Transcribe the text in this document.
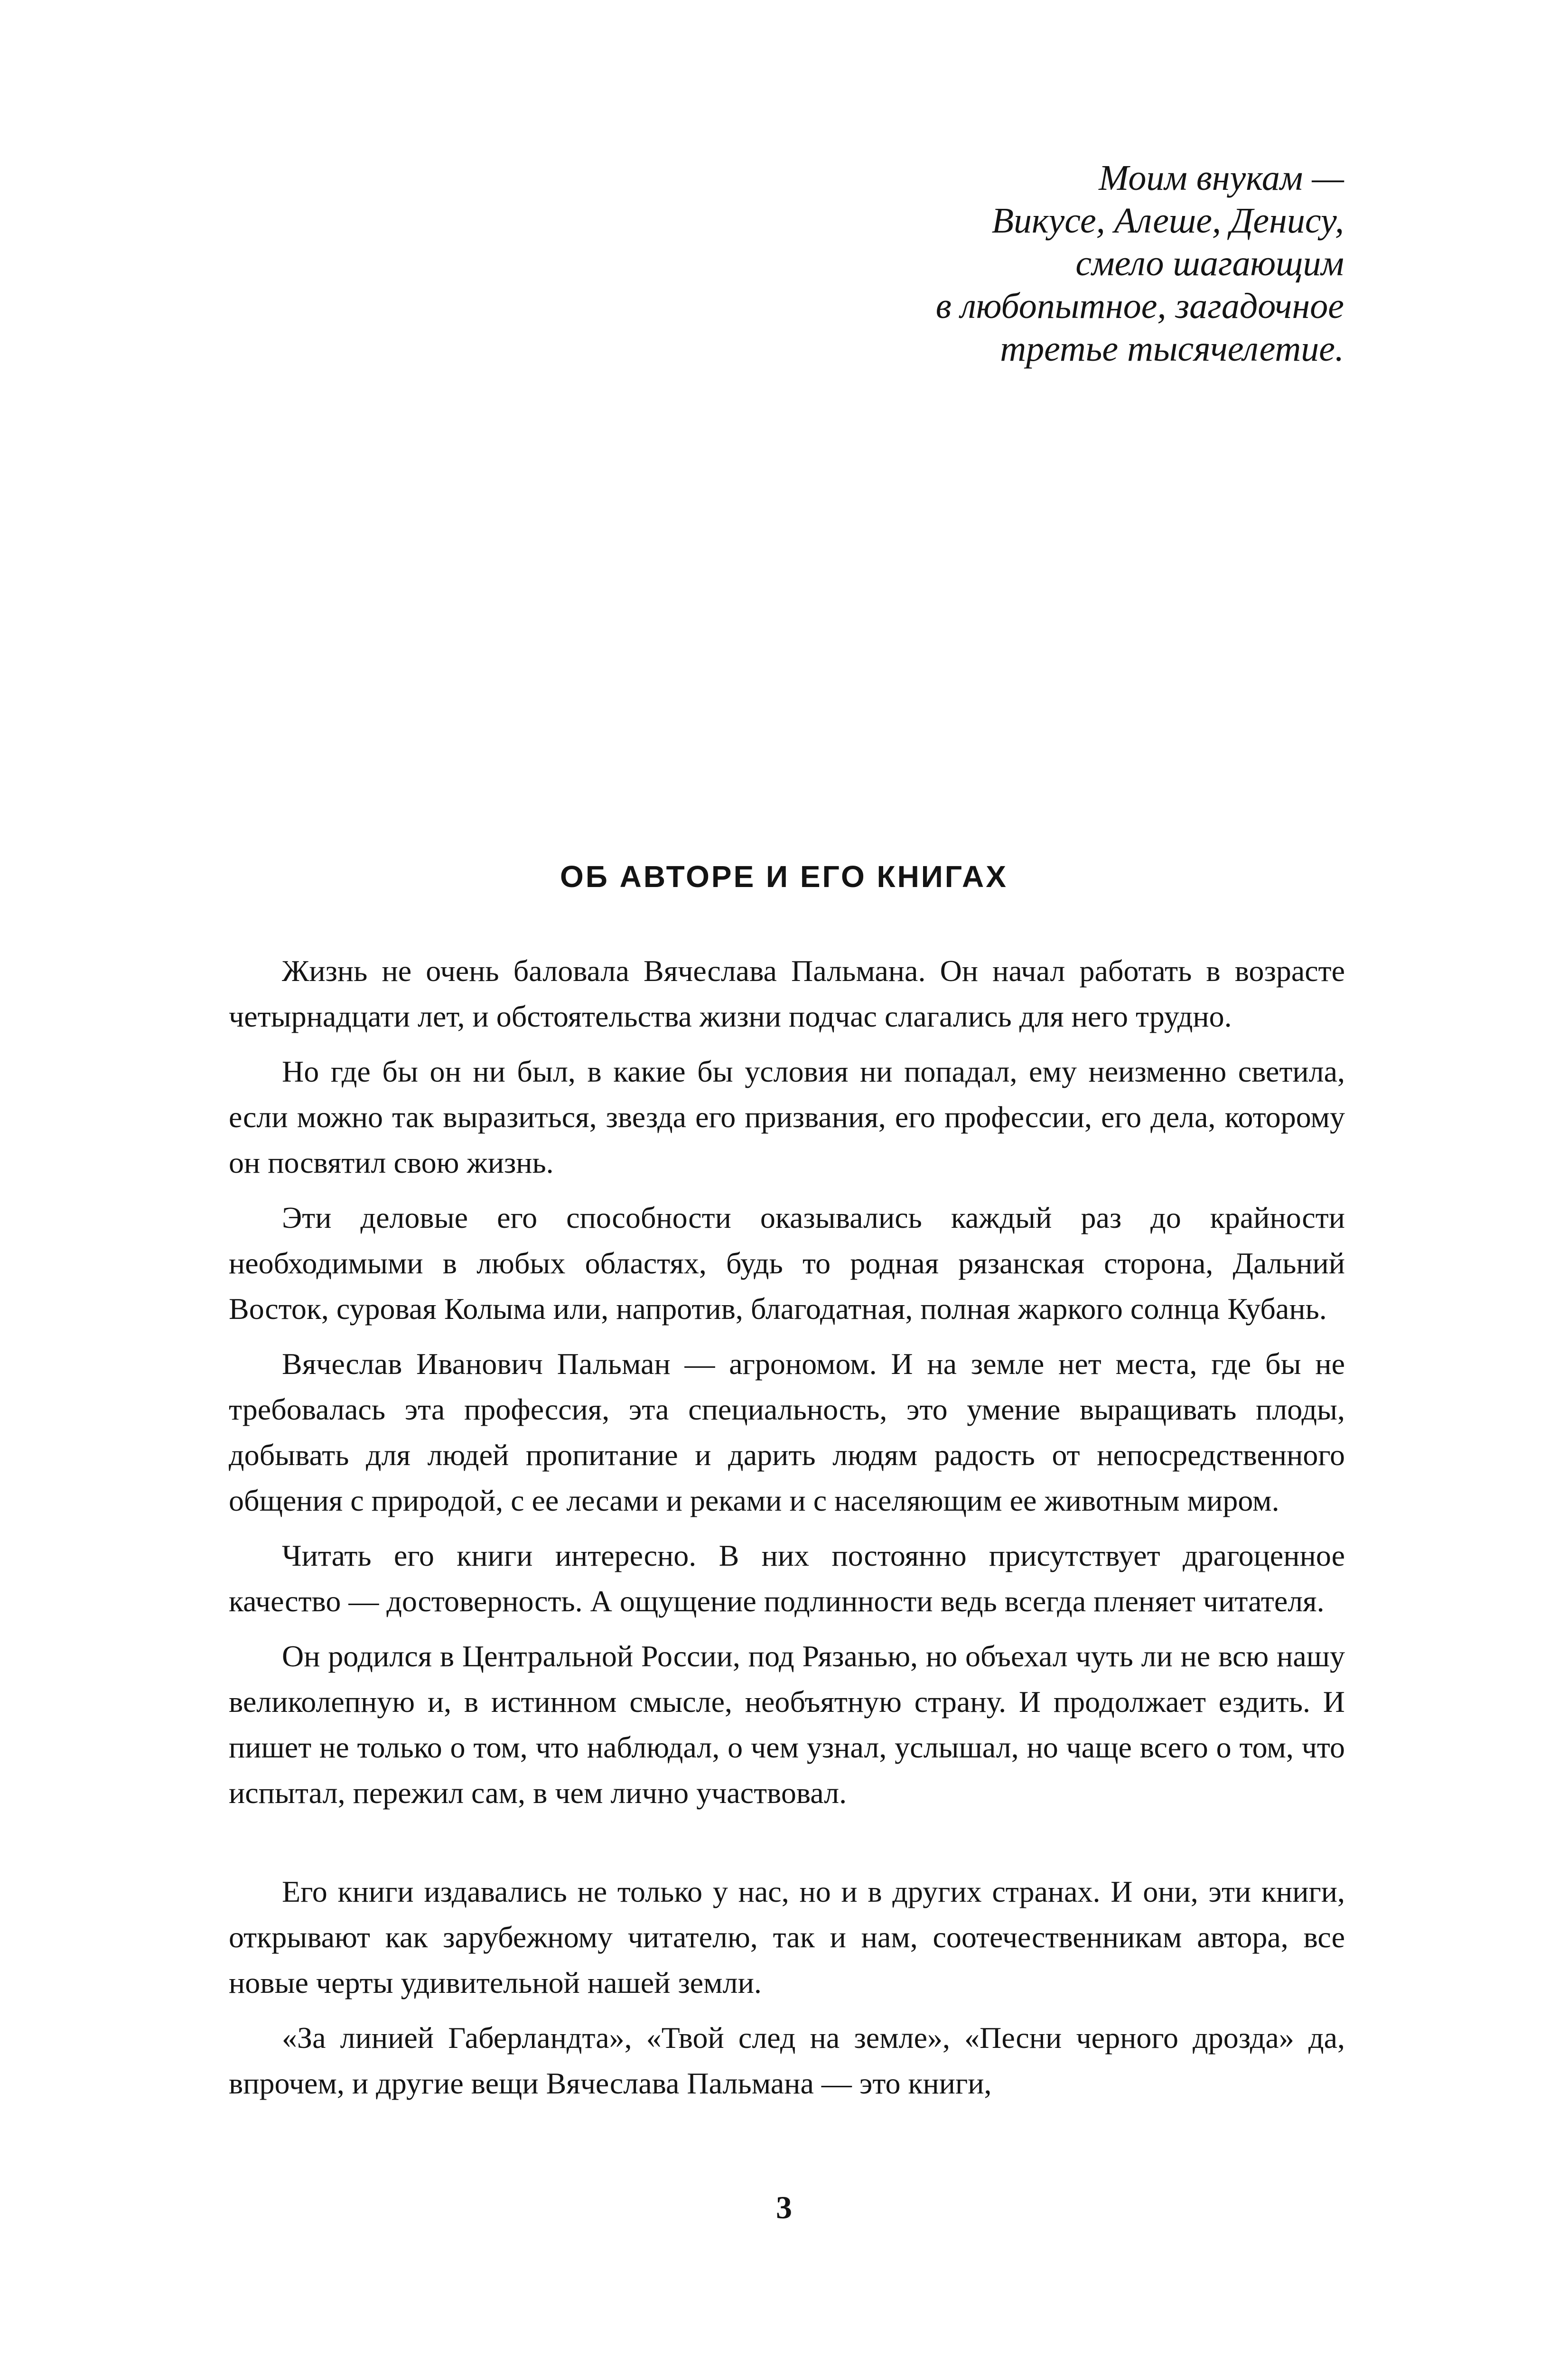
Моим внукам —
Викусе, Алеше, Денису,
смело шагающим
в любопытное, загадочное
третье тысячелетие.
ОБ АВТОРЕ И ЕГО КНИГАХ

Жизнь не очень баловала Вячеслава Пальмана. Он начал работать в возрасте четырнадцати лет, и обстоятельства жизни подчас слагались для него трудно.

Но где бы он ни был, в какие бы условия ни попадал, ему неизменно светила, если можно так выразиться, звезда его призвания, его профессии, его дела, которому он посвятил свою жизнь.

Эти деловые его способности оказывались каждый раз до крайности необходимыми в любых областях, будь то родная рязанская сторона, Дальний Восток, суровая Колыма или, напротив, благодатная, полная жаркого солнца Кубань.

Вячеслав Иванович Пальман — агрономом. И на земле нет места, где бы не требовалась эта профессия, эта специальность, это умение выращивать плоды, добывать для людей пропитание и дарить людям радость от непосредственного общения с природой, с ее лесами и реками и с населяющим ее животным миром.

Читать его книги интересно. В них постоянно присутствует драгоценное качество — достоверность. А ощущение подлинности ведь всегда пленяет читателя.

Он родился в Центральной России, под Рязанью, но объехал чуть ли не всю нашу великолепную и, в истинном смысле, необъятную страну. И продолжает ездить. И пишет не только о том, что наблюдал, о чем узнал, услышал, но чаще всего о том, что испытал, пережил сам, в чем лично участвовал.

Его книги издавались не только у нас, но и в других странах. И они, эти книги, открывают как зарубежному читателю, так и нам, соотечественникам автора, все новые черты удивительной нашей земли.

«За линией Габерландта», «Твой след на земле», «Песни черного дрозда» да, впрочем, и другие вещи Вячеслава Пальмана — это книги,

3
